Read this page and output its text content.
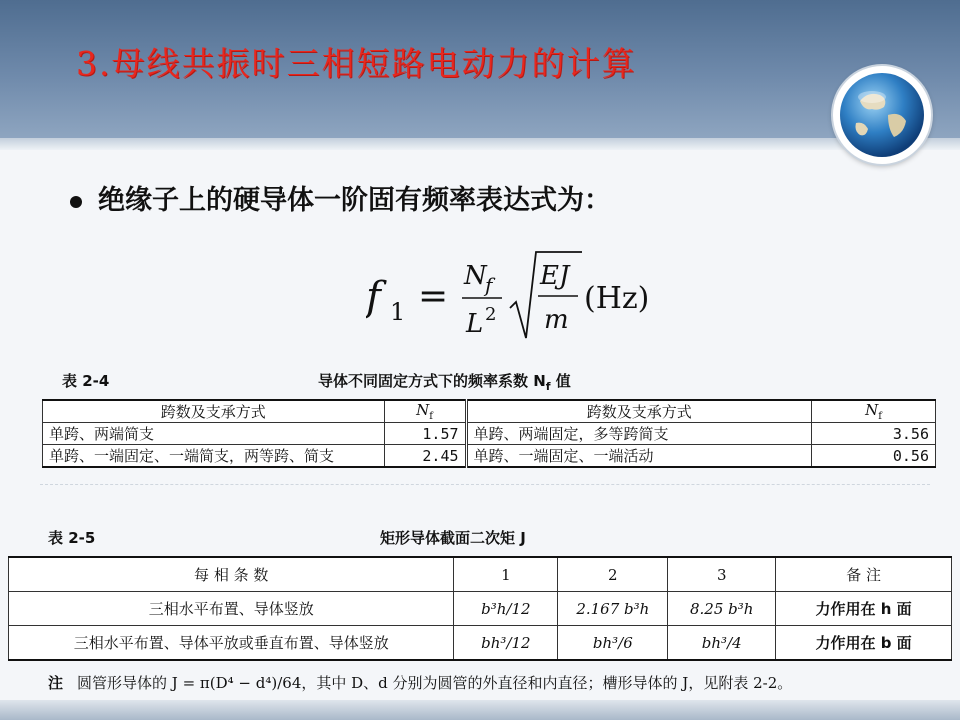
3.母线共振时三相短路电动力的计算
绝缘子上的硬导体一阶固有频率表达式为：
f 1 = N
f
L 2
EJ
m
(Hz)
表 2-4	导体不同固定方式下的频率系数 $N_f$ 值
跨数及支承方式	$N_f$	跨数及支承方式	$N_f$
单跨、两端简支	1.57	单跨、两端固定，多等跨简支	3.56
单跨、一端固定、一端简支，两等跨、简支	2.45	单跨、一端固定、一端活动	0.56
表 2-5	矩形导体截面二次矩 J
每 相 条 数	1	2	3	备 注
三相水平布置、导体竖放	b³h/12	2.167 b³h	8.25 b³h	力作用在 h 面
三相水平布置、导体平放或垂直布置、导体竖放	bh³/12	bh³/6	bh³/4	力作用在 b 面
注 圆管形导体的 J = π(D⁴ − d⁴)/64，其中 D、d 分别为圆管的外直径和内直径；槽形导体的 J，见附表 2-2。
